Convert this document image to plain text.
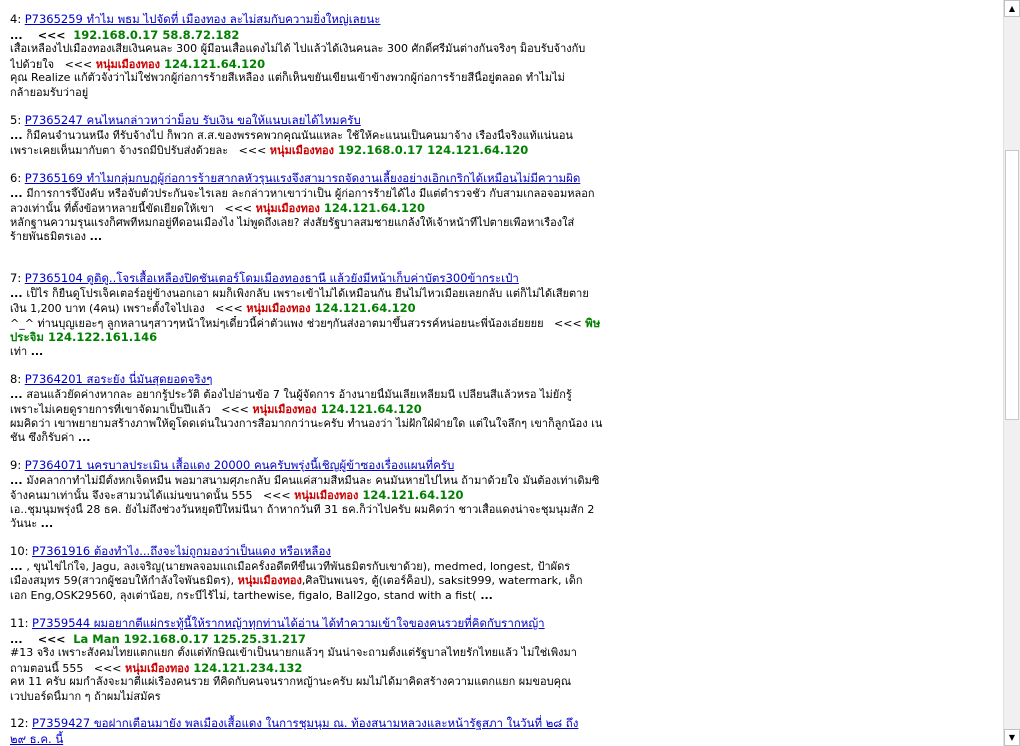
4: P7365259 ทำไม พธม ไปจัดที่ เมืองทอง ละไม่สมกับความยิ่งใหญ่เลยนะ
...    <<<  192.168.0.17 58.8.72.182
เสื้อเหลืองไปเมืองทองเสียเงินคนละ 300 ผู้มีอนเสื้อแดงไม่ได้ ไปแล้วได้เงินคนละ 300 ศักดิ์ศรีมันต่างกันจริงๆ ม็อบรับจ้างกับ
ไปด้วยใจ   <<< หนุ่มเมืองทอง 124.121.64.120
คุณ Realize แก้ตัวจังว่าไม่ใช่พวกผู้ก่อการร้ายสีเหลือง แต่ก็เห็นขยันเขียนเข้าข้างพวกผู้ก่อการร้ายสีนี้อยู่ตลอด ทำไมไม่
กล้ายอมรับว่าอยู่
5: P7365247 คนไหนกล่าวหาว่าม็อบ รับเงิน ขอให้แนบเลยได้ไหมครับ
... ก็มีคนจำนวนหนึ่ง ที่รับจ้างไป ก็พวก ส.ส.ของพรรคพวกคุณนั่นแหละ ใช้ให้คะแนนเป็นคนมาจ้าง เรื่องนี้จริงแท้แน่นอน
เพราะเคยเห็นมากับตา จ้างรถมีบิปรับส่งด้วยละ   <<< หนุ่มเมืองทอง 192.168.0.17 124.121.64.120
6: P7365169 ทำไมกลุ่มกบฏผู้ก่อการร้ายสากลหัวรุนแรงจึงสามารถจัดงานเลี้ยงอย่างเอิกเกริกได้เหมือนไม่มีความผิด
... มีการการจึ๊บังคับ หรือจับตัวประกันจะไรเลย ละกล่าวหาเขาว่าเป็น ผู้ก่อการร้ายได้ไง มีแต่ตำรวจชั่ว กับสามเกลอจอมหลอก
ลวงเท่านั้น ที่ตั้งข้อหาหลายนี้ขัดเยียดให้เขา   <<< หนุ่มเมืองทอง 124.121.64.120
หลักฐานความรุนแรงก็ศพที่หมกอยู่ที่ดอนเมืองไง ไม่พูดถึงเลย? ส่งสัยรัฐบาลสมชายแกล้งให้เจ้าหน้าที่ไปตายเพื่อหาเรื่องใส่
ร้ายพันธมิตรเอง ...
7: P7365104 ดูดิดู..โจรเสื้อเหลืองปิดชันเตอร์โดมเมืองทองธานี แล้วยังมีหน้าเก็บค่าบัตร300ข้ากระเป๋า
... เป็ไร ก็ยืนดูโปรเจ็คเตอร์อยู่ข้างนอกเอา ผมก็เพิ่งกลับ เพราะเข้าไม่ได้เหมือนกัน ยืนไม่ไหวเมื่อยเลยกลับ แต่ก็ไม่ได้เสียตาย
เงิน 1,200 บาท (4คน) เพราะตั้งใจไปเอง   <<< หนุ่มเมืองทอง 124.121.64.120
^_^ ท่านบุญเยอะๆ ลูกหลานๆสาวๆหน้าใหม่ๆเดี๋ยวนี้ค่าตัวแพง ช่วยๆกันส่งอาตมาขึ้นสวรรค์หน่อยนะพี่น้องเอ๋ยยยย   <<< พิษ
ประจิม 124.122.161.146
เท่า ...
8: P7364201 สอระยัง นี่มันสุดยอดจริงๆ
... สอนแล้วยัดค่างหากละ อยากรู้ประวัติ ต้องไปอ่านข้อ 7 ในผู้จัดการ อ้างนายนี้มันเลียเหลี่ยมนี่ เปลี่ยนสีแล้วหรอ ไม่ยักรู้
เพราะไม่เคยดูรายการที่เขาจัดมาเป็นปีแล้ว   <<< หนุ่มเมืองทอง 124.121.64.120
ผมคิดว่า เขาพยายามสร้างภาพให้ดูโดดเด่นในวงการสื่อมากกว่านะครับ ทำนองว่า ไม่ฝักใฝ่ฝ่ายใด แต่ในใจลึกๆ เขาก็ลูกน้อง เน
ชั่น ซึ่งก็รับค่า ...
9: P7364071 นครบาลประเมิน เสื้อแดง 20000 คนครับพรุ่งนี้เชิญผู้ข้าซองเรื่องแผนที่ครับ
... มังคลากาทำไม่มีตั้งหกเจ็ดหมื่น พอมาสนามศุภะกลับ มีคนแค่สามสี่หมื่นละ คนมันหายไปไหน ถ้ามาด้วยใจ มันต้องเท่าเดิมซิ
จ้างคนมาเท่านั้น จึงจะสามวนได้แม่นขนาดนั้น 555   <<< หนุ่มเมืองทอง 124.121.64.120
เอ..ชุมนุมพรุ่งนี้ 28 ธค. ยังไม่ถึงช่วงวันหยุดปีใหม่นี่นา ถ้าหากวันที่ 31 ธค.ก็ว่าไปครับ ผมคิดว่า ชาวเสื้อแดงน่าจะชุมนุมสัก 2
วันนะ ...
10: P7361916 ต้องทำไง...ถึงจะไม่ถูกมองว่าเป็นแดง หรือเหลือง
... , ขุนไข่ไก่ใจ, Jagu, ลงเจริญ(นายพลจอมแถเมื่อครั้งอดีตที่ขึ้นเวทีพันธมิตรกับเขาด้วย), medmed, longest, ป้าผัดร
เมืองสมุทร 59(สาวกผู้ชอบให้กำลังใจพันธมิตร), หนุ่มเมืองทอง,ศิลปินพเนจร, ตู้(เตอร์ค็อป), saksit999, watermark, เด็ก
เอก Eng,OSK29560, ลุงเต่าน้อย, กระบี่ไร้ไม่, tarthewise, figalo, Ball2go, stand with a fist( ...
11: P7359544 ผมอยากตีแผ่กระทู้นี้ให้รากหญ้าทุกท่านได้อ่าน ได้ทำความเข้าใจของคนรวยที่คิดกับรากหญ้า
...    <<<  La Man 192.168.0.17 125.25.31.217
#13 จริง เพราะสังคมไทยแตกแยก ตั้งแต่ทักษิณเข้าเป็นนายกแล้วๆ มันน่าจะถามตั้งแต่รัฐบาลไทยรักไทยแล้ว ไม่ใช่เพิ่งมา
ถามตอนนี้ 555   <<< หนุ่มเมืองทอง 124.121.234.132
คห 11 ครับ ผมกำลังจะมาตีแผ่เรื่องคนรวย ที่คิดกับคนจนรากหญ้านะครับ ผมไม่ได้มาคิดสร้างความแตกแยก ผมขอบคุณ
เวปบอร์ดนี้มาก ๆ ถ้าผมไม่สมัคร
12: P7359427 ขอฝากเตือนมายัง พลเมืองเสื้อแดง ในการชุมนุม ณ. ท้องสนามหลวงและหน้ารัฐสภา ในวันที่ ๒๘ ถึง ๒๙ ธ.ค. นี้
▲
▼
